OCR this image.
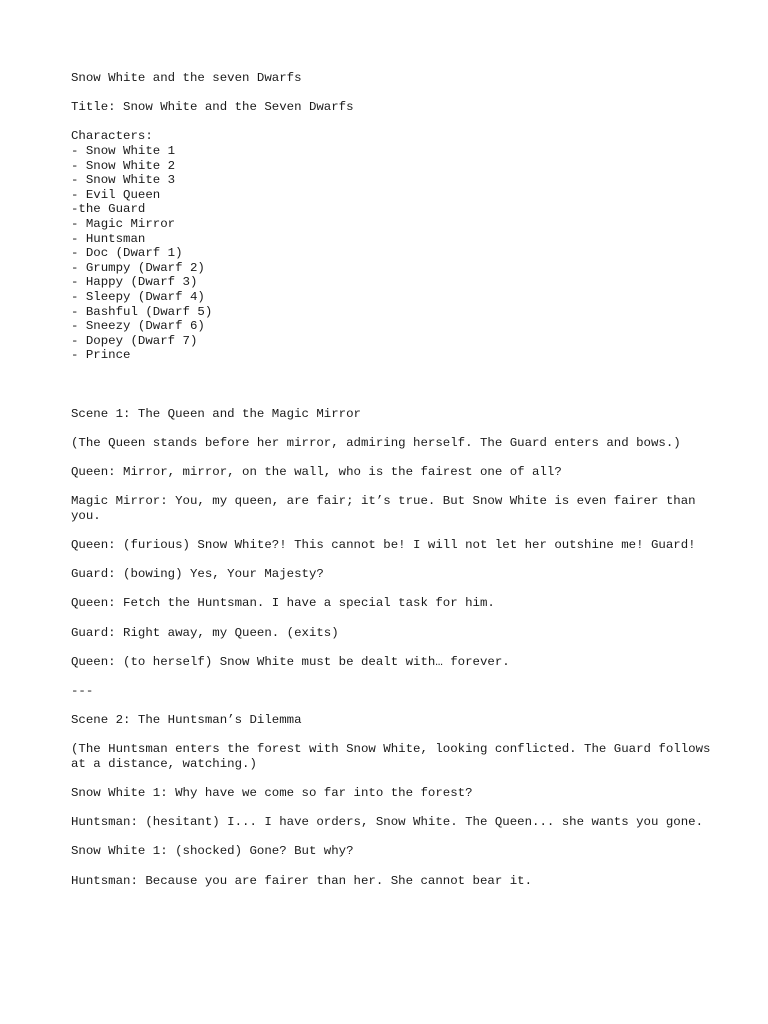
Snow White and the seven Dwarfs
Title: Snow White and the Seven Dwarfs
Characters:
- Snow White 1
- Snow White 2
- Snow White 3
- Evil Queen
-the Guard
- Magic Mirror
- Huntsman
- Doc (Dwarf 1)
- Grumpy (Dwarf 2)
- Happy (Dwarf 3)
- Sleepy (Dwarf 4)
- Bashful (Dwarf 5)
- Sneezy (Dwarf 6)
- Dopey (Dwarf 7)
- Prince
Scene 1: The Queen and the Magic Mirror
(The Queen stands before her mirror, admiring herself. The Guard enters and bows.)
Queen: Mirror, mirror, on the wall, who is the fairest one of all?
Magic Mirror: You, my queen, are fair; it’s true. But Snow White is even fairer than you.
Queen: (furious) Snow White?! This cannot be! I will not let her outshine me! Guard!
Guard: (bowing) Yes, Your Majesty?
Queen: Fetch the Huntsman. I have a special task for him.
Guard: Right away, my Queen. (exits)
Queen: (to herself) Snow White must be dealt with… forever.
---
Scene 2: The Huntsman’s Dilemma
(The Huntsman enters the forest with Snow White, looking conflicted. The Guard follows at a distance, watching.)
Snow White 1: Why have we come so far into the forest?
Huntsman: (hesitant) I... I have orders, Snow White. The Queen... she wants you gone.
Snow White 1: (shocked) Gone? But why?
Huntsman: Because you are fairer than her. She cannot bear it.
